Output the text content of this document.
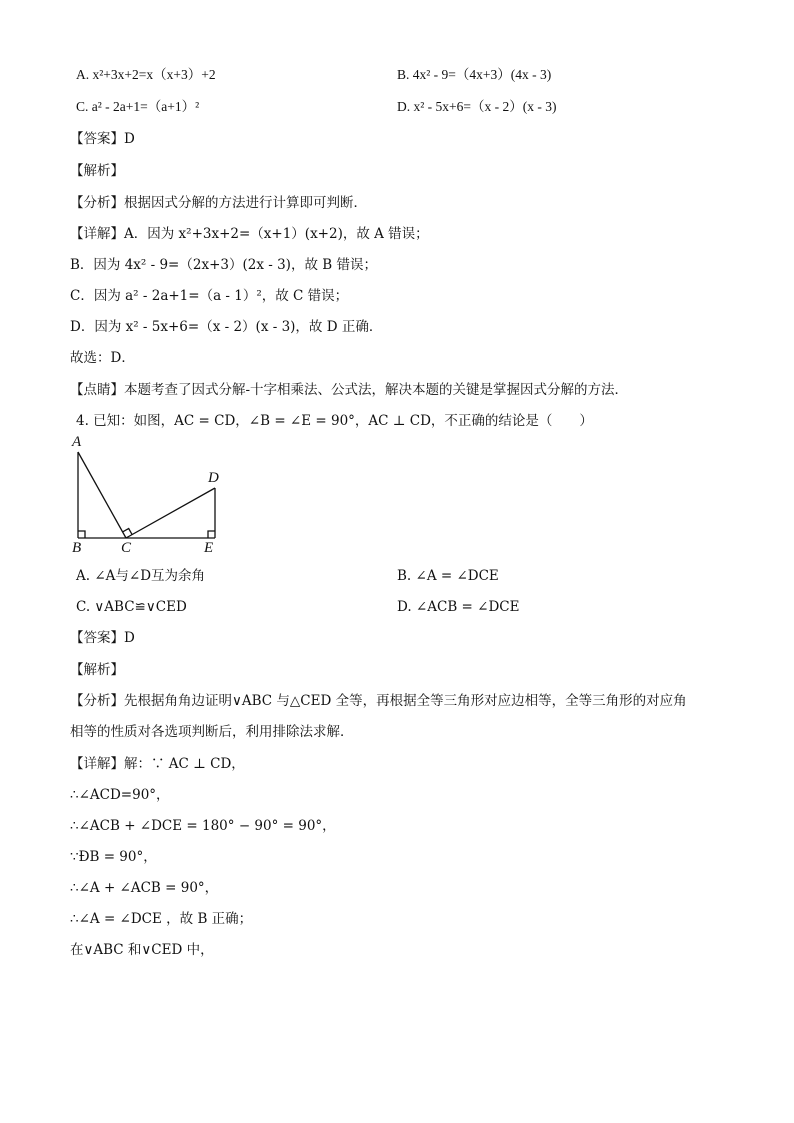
A. x²+3x+2=x（x+3）+2	B. 4x² - 9=（4x+3）(4x - 3)
C. a² - 2a+1=（a+1）²	D. x² - 5x+6=（x - 2）(x - 3)
【答案】D
【解析】
【分析】根据因式分解的方法进行计算即可判断．
【详解】A．因为 x²+3x+2=（x+1）(x+2)，故 A 错误；
B．因为 4x² - 9=（2x+3）(2x - 3)，故 B 错误；
C．因为 a² - 2a+1=（a - 1）²，故 C 错误；
D．因为 x² - 5x+6=（x - 2）(x - 3)，故 D 正确．
故选：D．
【点睛】本题考查了因式分解-十字相乘法、公式法，解决本题的关键是掌握因式分解的方法．
4. 已知：如图，AC = CD，∠B = ∠E = 90°，AC ⊥ CD，不正确的结论是（　　）
A
B	C
D
E
A. ∠A与∠D互为余角	B. ∠A = ∠DCE
C. ∨ABC≌∨CED	D. ∠ACB = ∠DCE
【答案】D
【解析】
【分析】先根据角角边证明∨ABC 与△CED 全等，再根据全等三角形对应边相等，全等三角形的对应角
相等的性质对各选项判断后，利用排除法求解．
【详解】解：∵ AC ⊥ CD，
∴∠ACD=90°，
∴∠ACB + ∠DCE = 180° − 90° = 90°，
∵ÐB = 90°，
∴∠A + ∠ACB = 90°，
∴∠A = ∠DCE ，故 B 正确；
在∨ABC 和∨CED 中，
